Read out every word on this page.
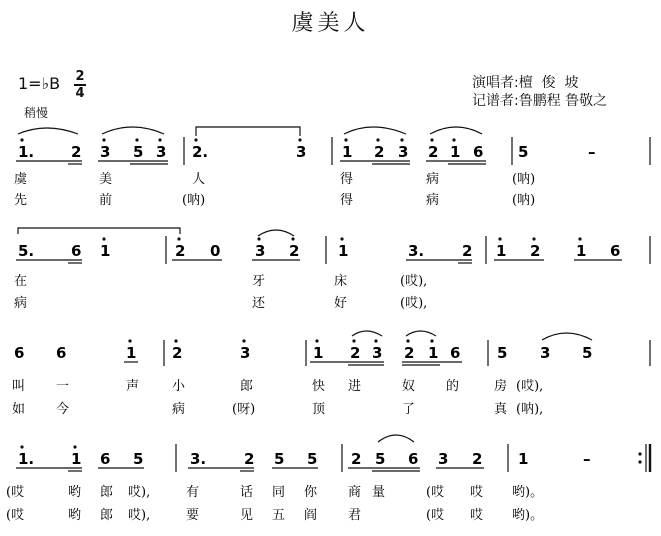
虞美人
1=♭B 2
4
稍慢
演唱者:檀  俊  坡
记谱者:鲁鹏程 鲁敬之
1. 2 3 5 3 2.	3 1 2 3 2 1 6 5	–
虞	美	人	得	病	(呐)
先	前	(呐)	得	病	(呐)
5. 6 1	2 0 3 2	1	3.	2 1 2 1 6
在	牙	床	(哎),
病	还	好	(哎),
6 6	1 2	3	1 2 3 2 1 6 5 3 5
叫 一	声	小	郎	快 进	奴 的	房 (哎),
如 今	病	(呀)	顶	了	真 (呐),
1. 1 6 5	3.	2 5 5 2 5 6 3 2 1	–
(哎	哟 郎 哎),	有	话 同 你 商 量	(哎 哎 哟)。
(哎	哟 郎 哎),	要	见 五 阎 君	(哎 哎 哟)。
